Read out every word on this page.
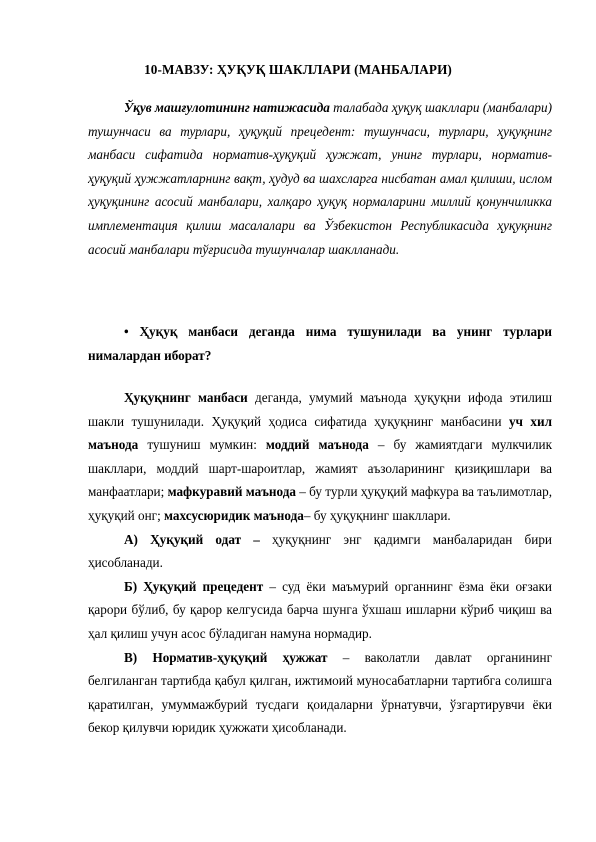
10-МАВЗУ: ҲУҚУҚ ШАКЛЛАРИ (МАНБАЛАРИ)

Ўқув машғулотининг натижасида талабада ҳуқуқ шакллари (манбалари) тушунчаси ва турлари, ҳуқуқий прецедент: тушунчаси, турлари, ҳуқуқнинг манбаси сифатида норматив-ҳуқуқий ҳужжат, унинг турлари, норматив-ҳуқуқий ҳужжатларнинг вақт, ҳудуд ва шахсларга нисбатан амал қилиши, ислом ҳуқуқининг асосий манбалари, халқаро ҳуқуқ нормаларини миллий қонунчиликка имплементация қилиш масалалари ва Ўзбекистон Республикасида ҳуқуқнинг асосий манбалари тўғрисида тушунчалар шаклланади.

• Ҳуқуқ манбаси деганда нима тушунилади ва унинг турлари нималардан иборат?

Ҳуқуқнинг манбаси деганда, умумий маънода ҳуқуқни ифода этилиш шакли тушунилади. Ҳуқуқий ҳодиса сифатида ҳуқуқнинг манбасини уч хил маънода тушуниш мумкин: моддий маънода – бу жамиятдаги мулкчилик шакллари, моддий шарт-шароитлар, жамият аъзоларининг қизиқишлари ва манфаатлари; мафкуравий маънода – бу турли ҳуқуқий мафкура ва таълимотлар, ҳуқуқий онг; махсусюридик маънода– бу ҳуқуқнинг шакллари.

А) Ҳуқуқий одат – ҳуқуқнинг энг қадимги манбаларидан бири ҳисобланади.

Б) Ҳуқуқий прецедент – суд ёки маъмурий органнинг ёзма ёки оғзаки қарори бўлиб, бу қарор келгусида барча шунга ўхшаш ишларни кўриб чиқиш ва ҳал қилиш учун асос бўладиган намуна нормадир.

В) Норматив-ҳуқуқий ҳужжат – ваколатли давлат органининг белгиланган тартибда қабул қилган, ижтимоий муносабатларни тартибга солишга қаратилган, умуммажбурий тусдаги қоидаларни ўрнатувчи, ўзгартирувчи ёки бекор қилувчи юридик ҳужжати ҳисобланади.
